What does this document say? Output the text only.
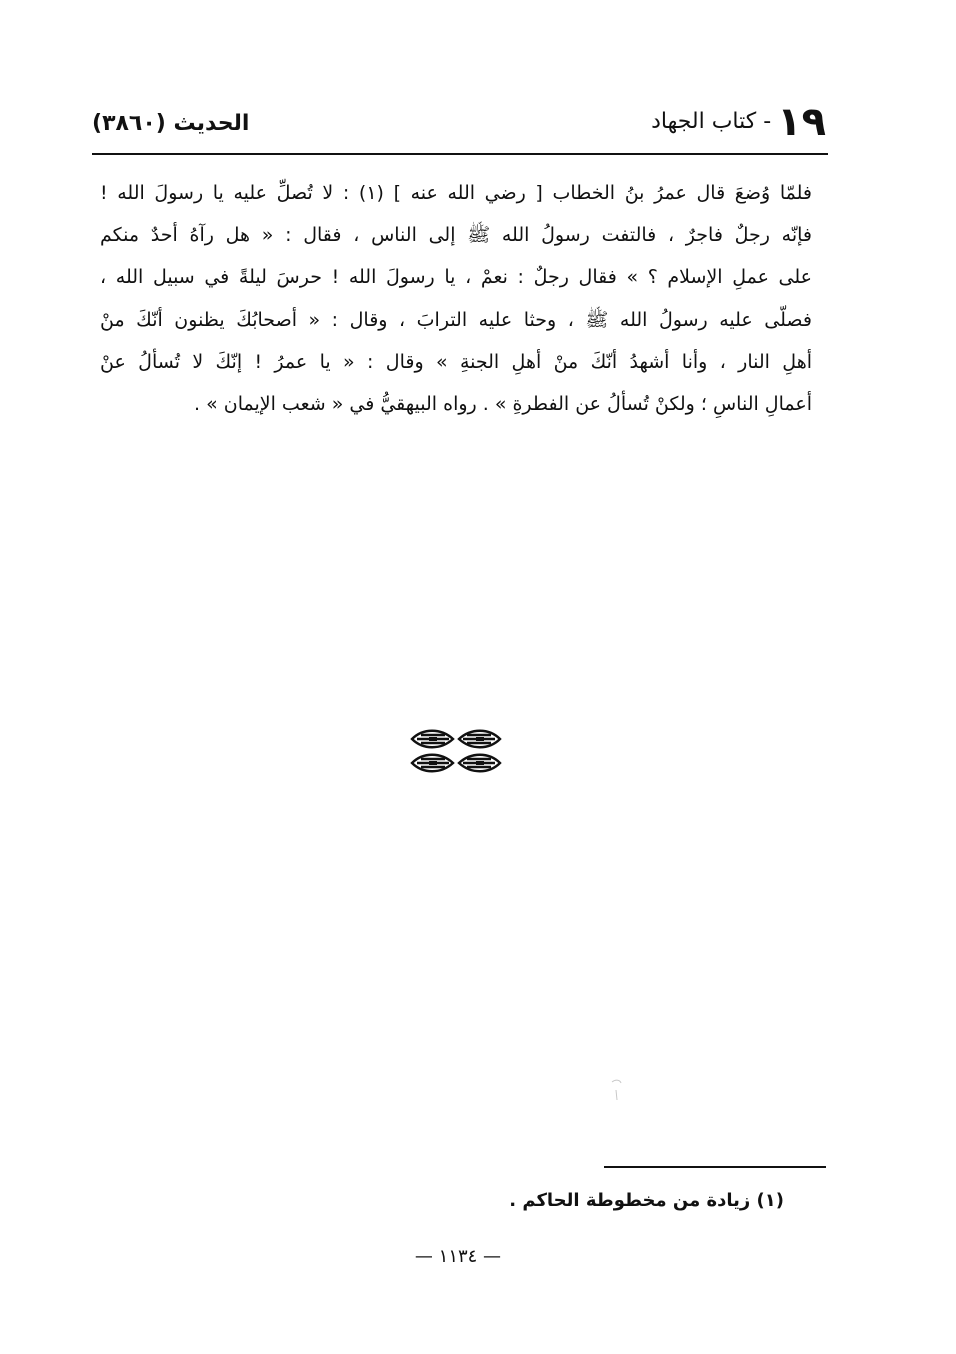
١٩
- كتاب الجهاد
الحديث (٣٨٦٠)
فلمّا وُضعَ قال عمرُ بنُ الخطاب [ رضي الله عنه ] (١) : لا تُصلِّ عليه يا رسولَ الله !
فإنّه رجلٌ فاجرٌ ، فالتفت رسولُ الله ﷺ إلى الناس ، فقال : « هل رآهُ أحدٌ منكم
على عملِ الإسلام ؟ » فقال رجلٌ : نعمْ ، يا رسولَ الله ! حرسَ ليلةً في سبيل الله ،
فصلّى عليه رسولُ الله ﷺ ، وحثا عليه الترابَ ، وقال : « أصحابُكَ يظنون أنّكَ منْ
أهلِ النار ، وأنا أشهدُ أنّكَ منْ أهلِ الجنةِ » وقال : « يا عمرُ ! إنّكَ لا تُسألُ عنْ
أعمالِ الناسِ ؛ ولكنْ تُسألُ عن الفطرةِ » . رواه البيهقيُّ في « شعب الإيمان » .
(١) زيادة من مخطوطة الحاكم .
— ١١٣٤ —
